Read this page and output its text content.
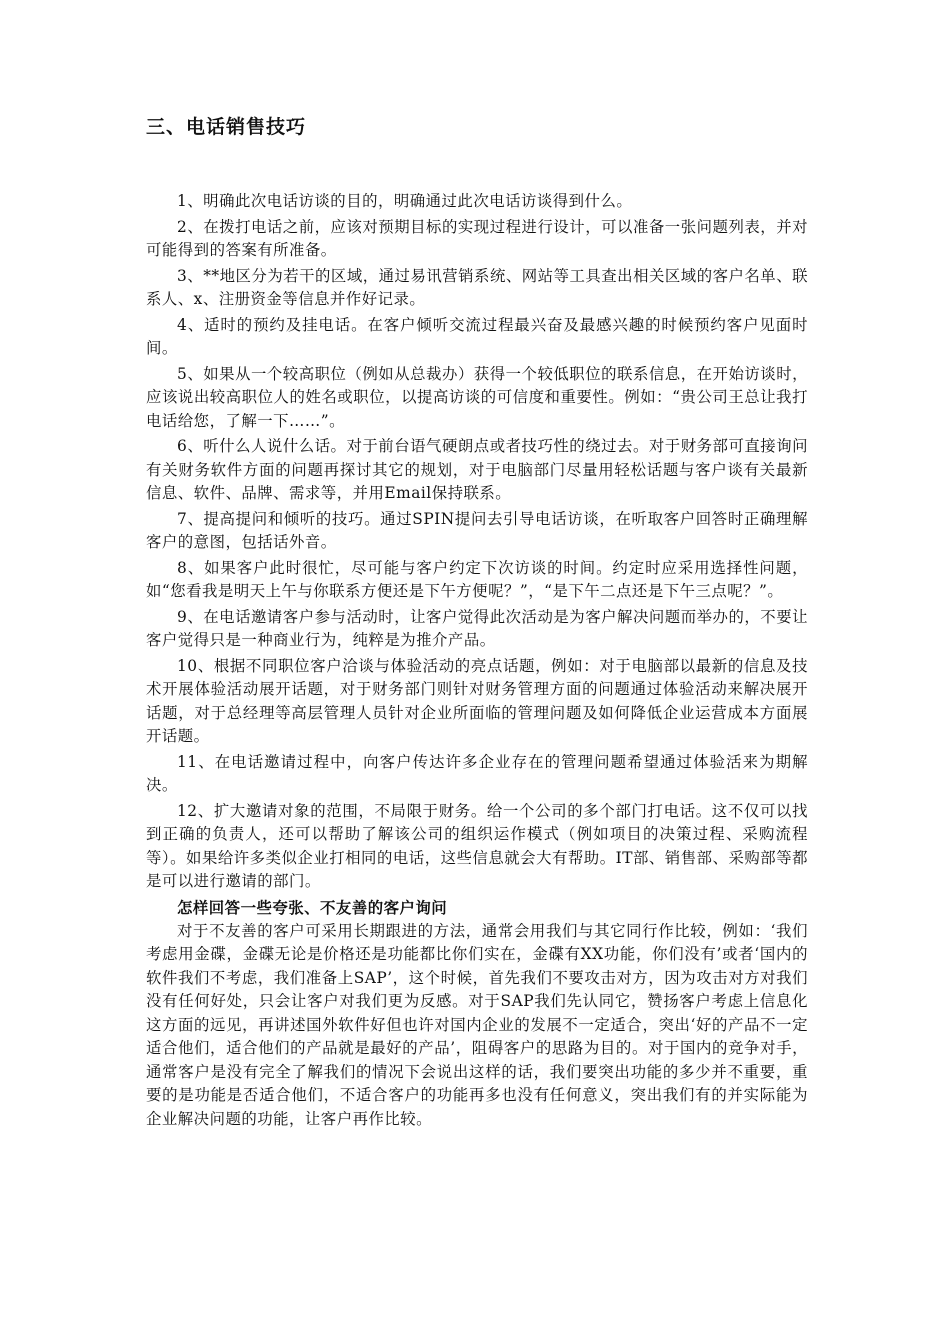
三、电话销售技巧

1、明确此次电话访谈的目的，明确通过此次电话访谈得到什么。

2、在拨打电话之前，应该对预期目标的实现过程进行设计，可以准备一张问题列表，并对可能得到的答案有所准备。

3、**地区分为若干的区域，通过易讯营销系统、网站等工具查出相关区域的客户名单、联系人、x、注册资金等信息并作好记录。

4、适时的预约及挂电话。在客户倾听交流过程最兴奋及最感兴趣的时候预约客户见面时间。

5、如果从一个较高职位（例如从总裁办）获得一个较低职位的联系信息，在开始访谈时，应该说出较高职位人的姓名或职位，以提高访谈的可信度和重要性。例如：“贵公司王总让我打电话给您，了解一下……”。

6、听什么人说什么话。对于前台语气硬朗点或者技巧性的绕过去。对于财务部可直接询问有关财务软件方面的问题再探讨其它的规划，对于电脑部门尽量用轻松话题与客户谈有关最新信息、软件、品牌、需求等，并用Email保持联系。

7、提高提问和倾听的技巧。通过SPIN提问去引导电话访谈，在听取客户回答时正确理解客户的意图，包括话外音。

8、如果客户此时很忙，尽可能与客户约定下次访谈的时间。约定时应采用选择性问题，如“您看我是明天上午与你联系方便还是下午方便呢？”，“是下午二点还是下午三点呢？”。

9、在电话邀请客户参与活动时，让客户觉得此次活动是为客户解决问题而举办的，不要让客户觉得只是一种商业行为，纯粹是为推介产品。

10、根据不同职位客户洽谈与体验活动的亮点话题，例如：对于电脑部以最新的信息及技术开展体验活动展开话题，对于财务部门则针对财务管理方面的问题通过体验活动来解决展开话题，对于总经理等高层管理人员针对企业所面临的管理问题及如何降低企业运营成本方面展开话题。

11、在电话邀请过程中，向客户传达许多企业存在的管理问题希望通过体验活来为期解决。

12、扩大邀请对象的范围，不局限于财务。给一个公司的多个部门打电话。这不仅可以找到正确的负责人，还可以帮助了解该公司的组织运作模式（例如项目的决策过程、采购流程等）。如果给许多类似企业打相同的电话，这些信息就会大有帮助。IT部、销售部、采购部等都是可以进行邀请的部门。

怎样回答一些夸张、不友善的客户询问

对于不友善的客户可采用长期跟进的方法，通常会用我们与其它同行作比较，例如：‘我们考虑用金碟，金碟无论是价格还是功能都比你们实在，金碟有XX功能，你们没有’或者‘国内的软件我们不考虑，我们准备上SAP’，这个时候，首先我们不要攻击对方，因为攻击对方对我们没有任何好处，只会让客户对我们更为反感。对于SAP我们先认同它，赞扬客户考虑上信息化这方面的远见，再讲述国外软件好但也许对国内企业的发展不一定适合，突出‘好的产品不一定适合他们，适合他们的产品就是最好的产品’，阻碍客户的思路为目的。对于国内的竞争对手，通常客户是没有完全了解我们的情况下会说出这样的话，我们要突出功能的多少并不重要，重要的是功能是否适合他们，不适合客户的功能再多也没有任何意义，突出我们有的并实际能为企业解决问题的功能，让客户再作比较。
